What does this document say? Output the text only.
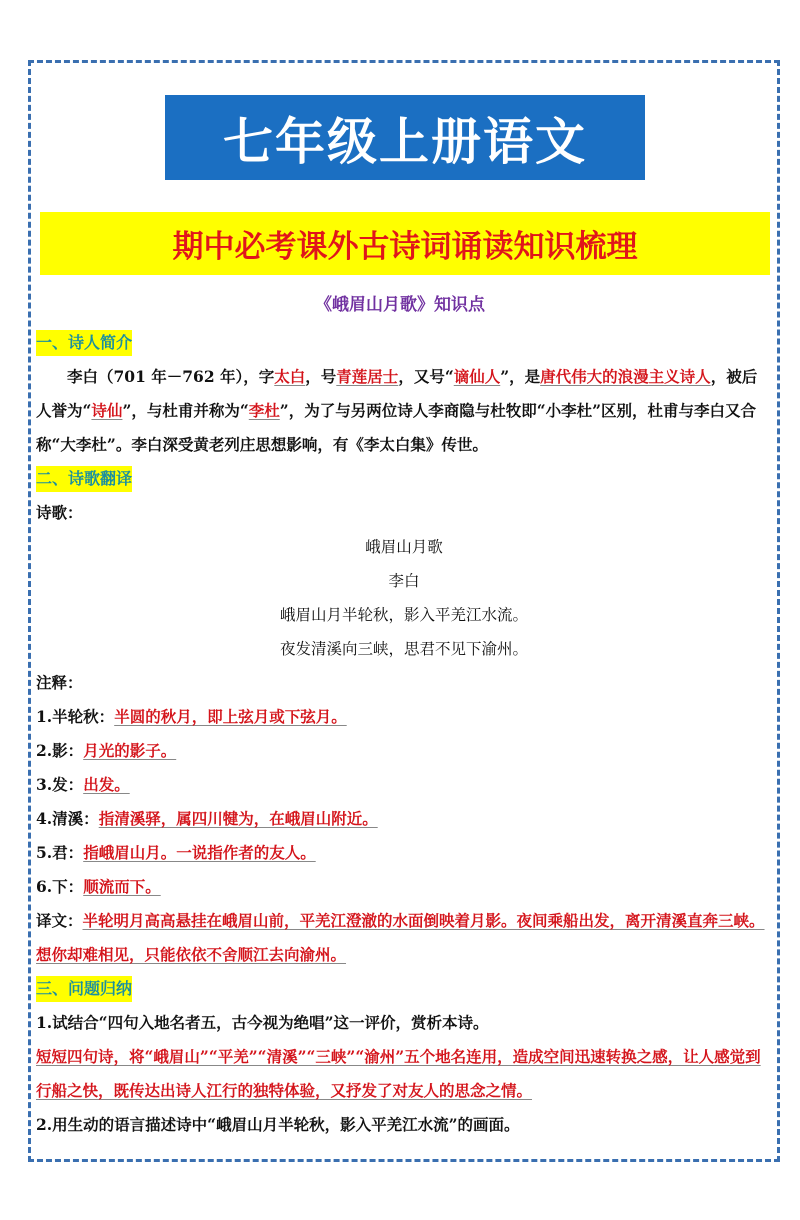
七年级上册语文
期中必考课外古诗词诵读知识梳理
《峨眉山月歌》知识点
一、诗人简介

李白（701 年－762 年），字太白，号青莲居士，又号“谪仙人”，是唐代伟大的浪漫主义诗人，被后人誉为“诗仙”，与杜甫并称为“李杜”，为了与另两位诗人李商隐与杜牧即“小李杜”区别，杜甫与李白又合称“大李杜”。李白深受黄老列庄思想影响，有《李太白集》传世。

二、诗歌翻译

诗歌：

峨眉山月歌

李白

峨眉山月半轮秋，影入平羌江水流。

夜发清溪向三峡，思君不见下渝州。

注释：

1.半轮秋：半圆的秋月，即上弦月或下弦月。

2.影：月光的影子。

3.发：出发。

4.清溪：指清溪驿，属四川犍为，在峨眉山附近。

5.君：指峨眉山月。一说指作者的友人。

6.下：顺流而下。

译文：半轮明月高高悬挂在峨眉山前，平羌江澄澈的水面倒映着月影。夜间乘船出发，离开清溪直奔三峡。想你却难相见，只能依依不舍顺江去向渝州。

三、问题归纳

1.试结合“四句入地名者五，古今视为绝唱”这一评价，赏析本诗。

短短四句诗，将“峨眉山”“平羌”“清溪”“三峡”“渝州”五个地名连用，造成空间迅速转换之感，让人感觉到行船之快，既传达出诗人江行的独特体验，又抒发了对友人的思念之情。

2.用生动的语言描述诗中“峨眉山月半轮秋，影入平羌江水流”的画面。
